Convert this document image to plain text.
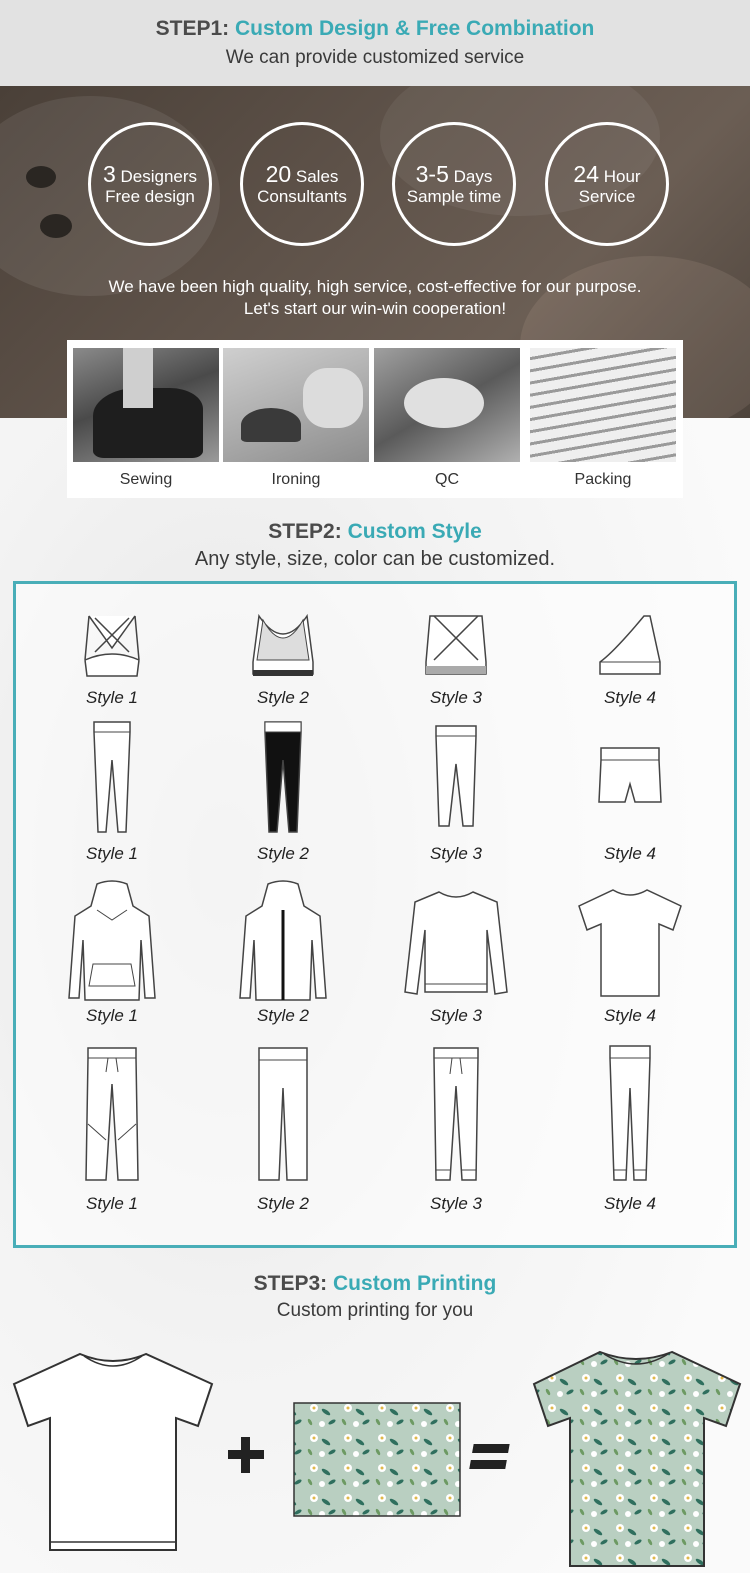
STEP1: Custom Design & Free Combination
We can provide customized service
3 Designers
Free design
20 Sales
Consultants
3-5 Days
Sample time
24 Hour
Service
We have been high quality, high service, cost-effective for our purpose.
Let's start our win-win cooperation!
Sewing	Ironing	QC	Packing
STEP2: Custom Style
Any style, size, color can be customized.
Style 1	Style 2	Style 3	Style 4
Style 1	Style 2	Style 3	Style 4
Style 1	Style 2	Style 3	Style 4
Style 1	Style 2	Style 3	Style 4
STEP3: Custom Printing
Custom printing for you
